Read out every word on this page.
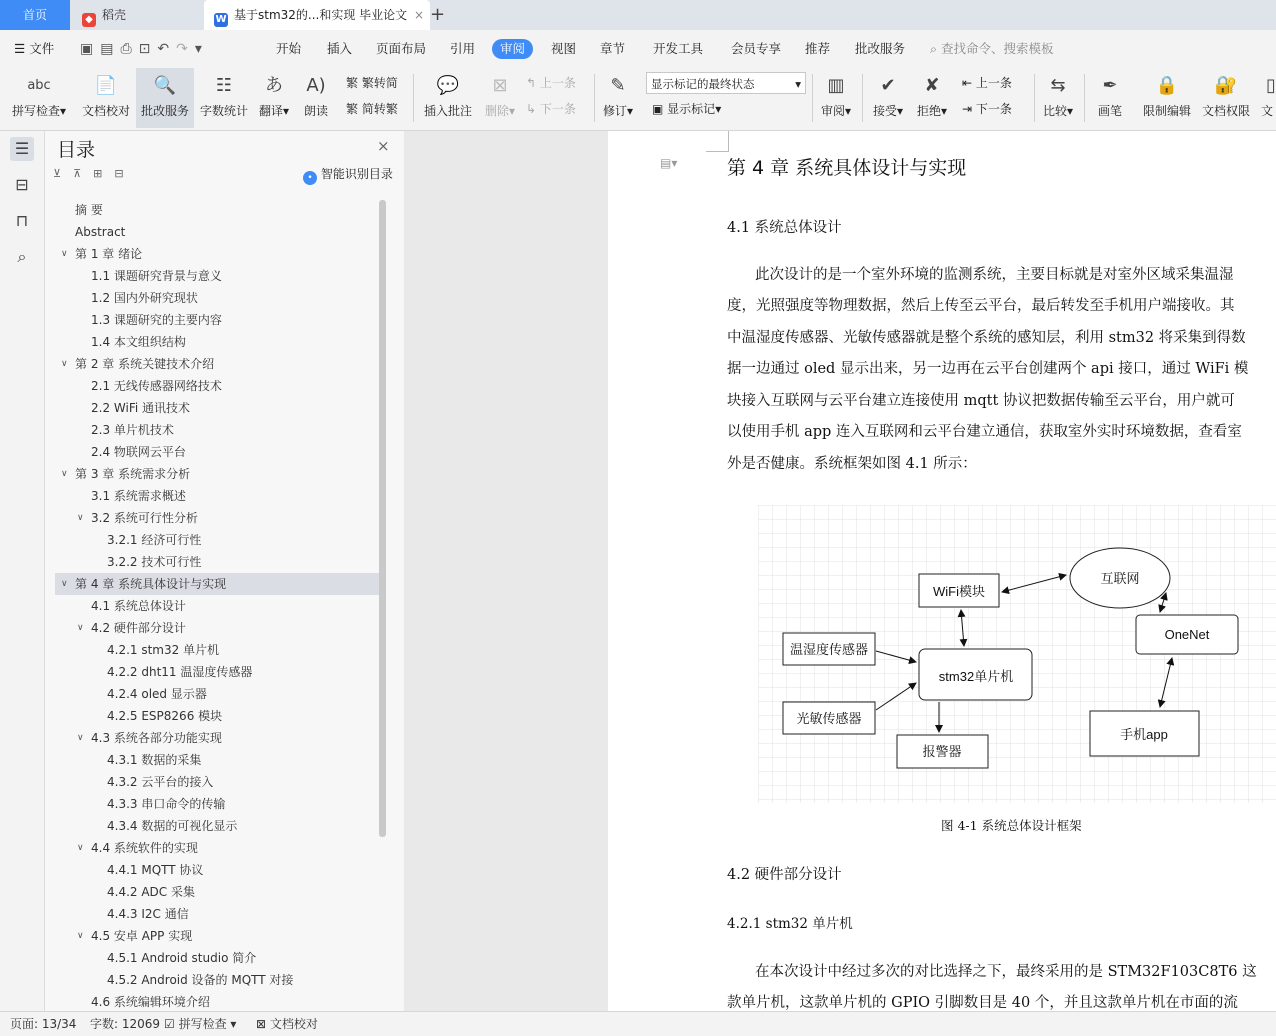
首页	◆ 稻壳	W 基于stm32的...和实现 毕业论文 × +
☰ 文件 ▣▤⎙⊡↶↷▾	开始 插入 页面布局 引用	审阅	视图 章节 开发工具 会员专享 推荐 批改服务 ⌕ 查找命令、搜索模板
abc
拼写检查▾
📄
文档校对
🔍
批改服务
☷
字数统计
あ
翻译▾
A)
朗读
繁 繁转简
繁 简转繁
💬
插入批注
⊠
删除▾
↰ 上一条
↳ 下一条
✎
修订▾
显示标记的最终状态	▾
▣ 显示标记▾
▥
审阅▾
✔
接受▾
✘
拒绝▾
⇤ 上一条
⇥ 下一条
⇆
比较▾
✒
画笔
🔒
限制编辑
🔐
文档权限
▯
文
☰
⊟
⊓
⌕
目录	×
⊻⊼⊞⊟	• 智能识别目录
摘 要
Abstract
∨ 第 1 章 绪论
1.1 课题研究背景与意义
1.2 国内外研究现状
1.3 课题研究的主要内容
1.4 本文组织结构
∨ 第 2 章 系统关键技术介绍
2.1 无线传感器网络技术
2.2 WiFi 通讯技术
2.3 单片机技术
2.4 物联网云平台
∨ 第 3 章 系统需求分析
3.1 系统需求概述
∨ 3.2 系统可行性分析
3.2.1 经济可行性
3.2.2 技术可行性
∨ 第 4 章 系统具体设计与实现
4.1 系统总体设计
∨ 4.2 硬件部分设计
4.2.1 stm32 单片机
4.2.2 dht11 温湿度传感器
4.2.4 oled 显示器
4.2.5 ESP8266 模块
∨ 4.3 系统各部分功能实现
4.3.1 数据的采集
4.3.2 云平台的接入
4.3.3 串口命令的传输
4.3.4 数据的可视化显示
∨ 4.4 系统软件的实现
4.4.1 MQTT 协议
4.4.2 ADC 采集
4.4.3 I2C 通信
∨ 4.5 安卓 APP 实现
4.5.1 Android studio 简介
4.5.2 Android 设备的 MQTT 对接
4.6 系统编辑环境介绍
▤▾	第 4 章 系统具体设计与实现
4.1 系统总体设计
此次设计的是一个室外环境的监测系统，主要目标就是对室外区域采集温湿
度，光照强度等物理数据，然后上传至云平台，最后转发至手机用户端接收。其
中温湿度传感器、光敏传感器就是整个系统的感知层，利用 stm32 将采集到得数
据一边通过 oled 显示出来，另一边再在云平台创建两个 api 接口，通过 WiFi 模
块接入互联网与云平台建立连接使用 mqtt 协议把数据传输至云平台，用户就可
以使用手机 app 连入互联网和云平台建立通信，获取室外实时环境数据，查看室
外是否健康。系统框架如图 4.1 所示：
WiFi模块
互联网
OneNet
温湿度传感器
stm32单片机
光敏传感器
报警器
手机app
图 4-1 系统总体设计框架
4.2 硬件部分设计
4.2.1 stm32 单片机
在本次设计中经过多次的对比选择之下，最终采用的是 STM32F103C8T6 这
款单片机，这款单片机的 GPIO 引脚数目是 40 个，并且这款单片机在市面的流
页面: 13/34 字数: 12069 ☑ 拼写检查 ▾ ⊠ 文档校对
